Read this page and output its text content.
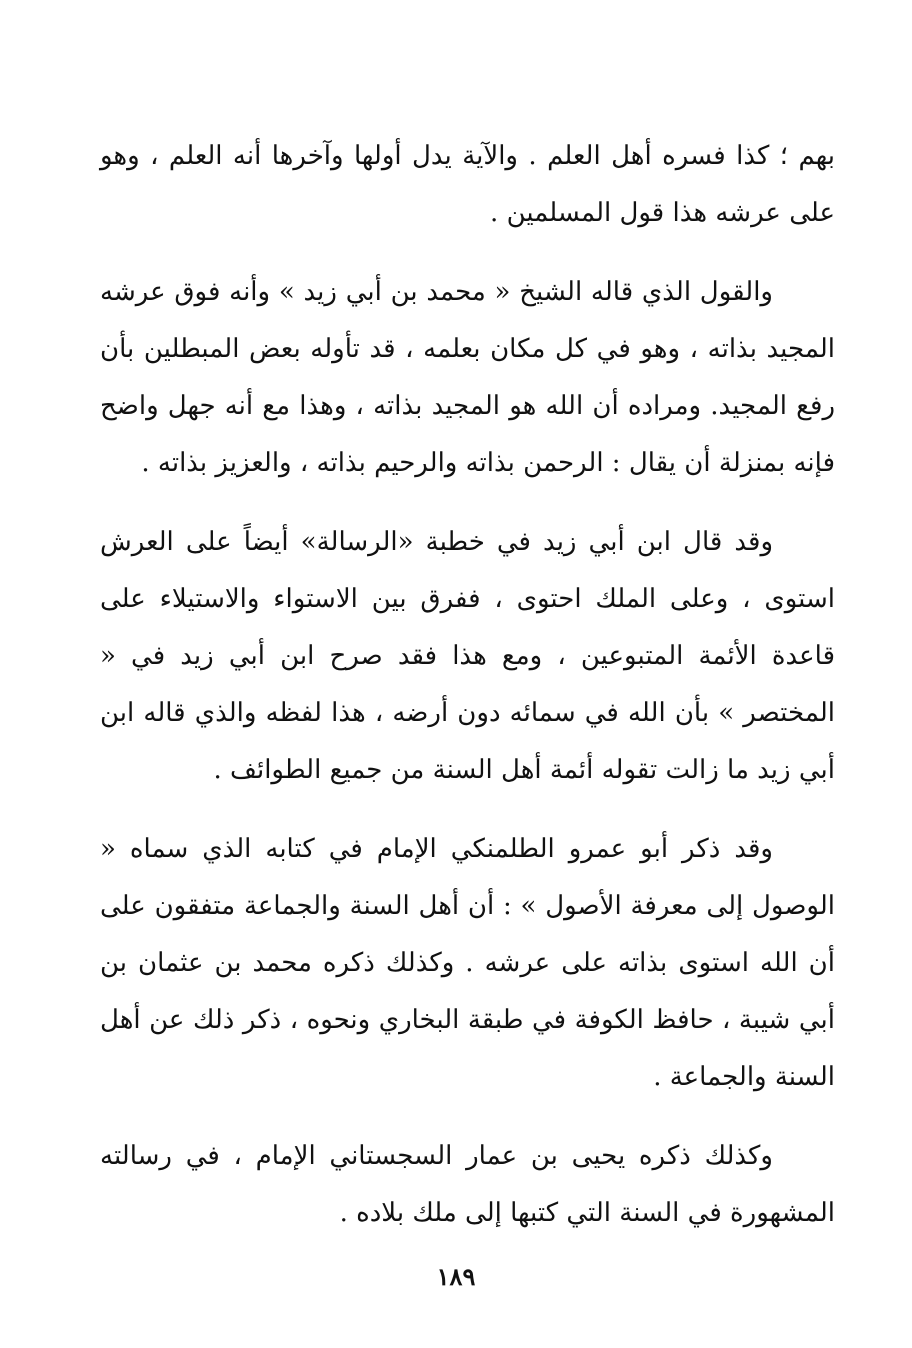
بهم ؛ كذا فسره أهل العلم . والآية يدل أولها وآخرها أنه العلم ، وهو على عرشه هذا قول المسلمين .

والقول الذي قاله الشيخ « محمد بن أبي زيد » وأنه فوق عرشه المجيد بذاته ، وهو في كل مكان بعلمه ، قد تأوله بعض المبطلين بأن رفع المجيد. ومراده أن الله هو المجيد بذاته ، وهذا مع أنه جهل واضح فإنه بمنزلة أن يقال : الرحمن بذاته والرحيم بذاته ، والعزيز بذاته .

وقد قال ابن أبي زيد في خطبة «الرسالة» أيضاً على العرش استوى ، وعلى الملك احتوى ، ففرق بين الاستواء والاستيلاء على قاعدة الأئمة المتبوعين ، ومع هذا فقد صرح ابن أبي زيد في « المختصر » بأن الله في سمائه دون أرضه ، هذا لفظه والذي قاله ابن أبي زيد ما زالت تقوله أئمة أهل السنة من جميع الطوائف .

وقد ذكر أبو عمرو الطلمنكي الإمام في كتابه الذي سماه « الوصول إلى معرفة الأصول » : أن أهل السنة والجماعة متفقون على أن الله استوى بذاته على عرشه . وكذلك ذكره محمد بن عثمان بن أبي شيبة ، حافظ الكوفة في طبقة البخاري ونحوه ، ذكر ذلك عن أهل السنة والجماعة .

وكذلك ذكره يحيى بن عمار السجستاني الإمام ، في رسالته المشهورة في السنة التي كتبها إلى ملك بلاده .

١٨٩
